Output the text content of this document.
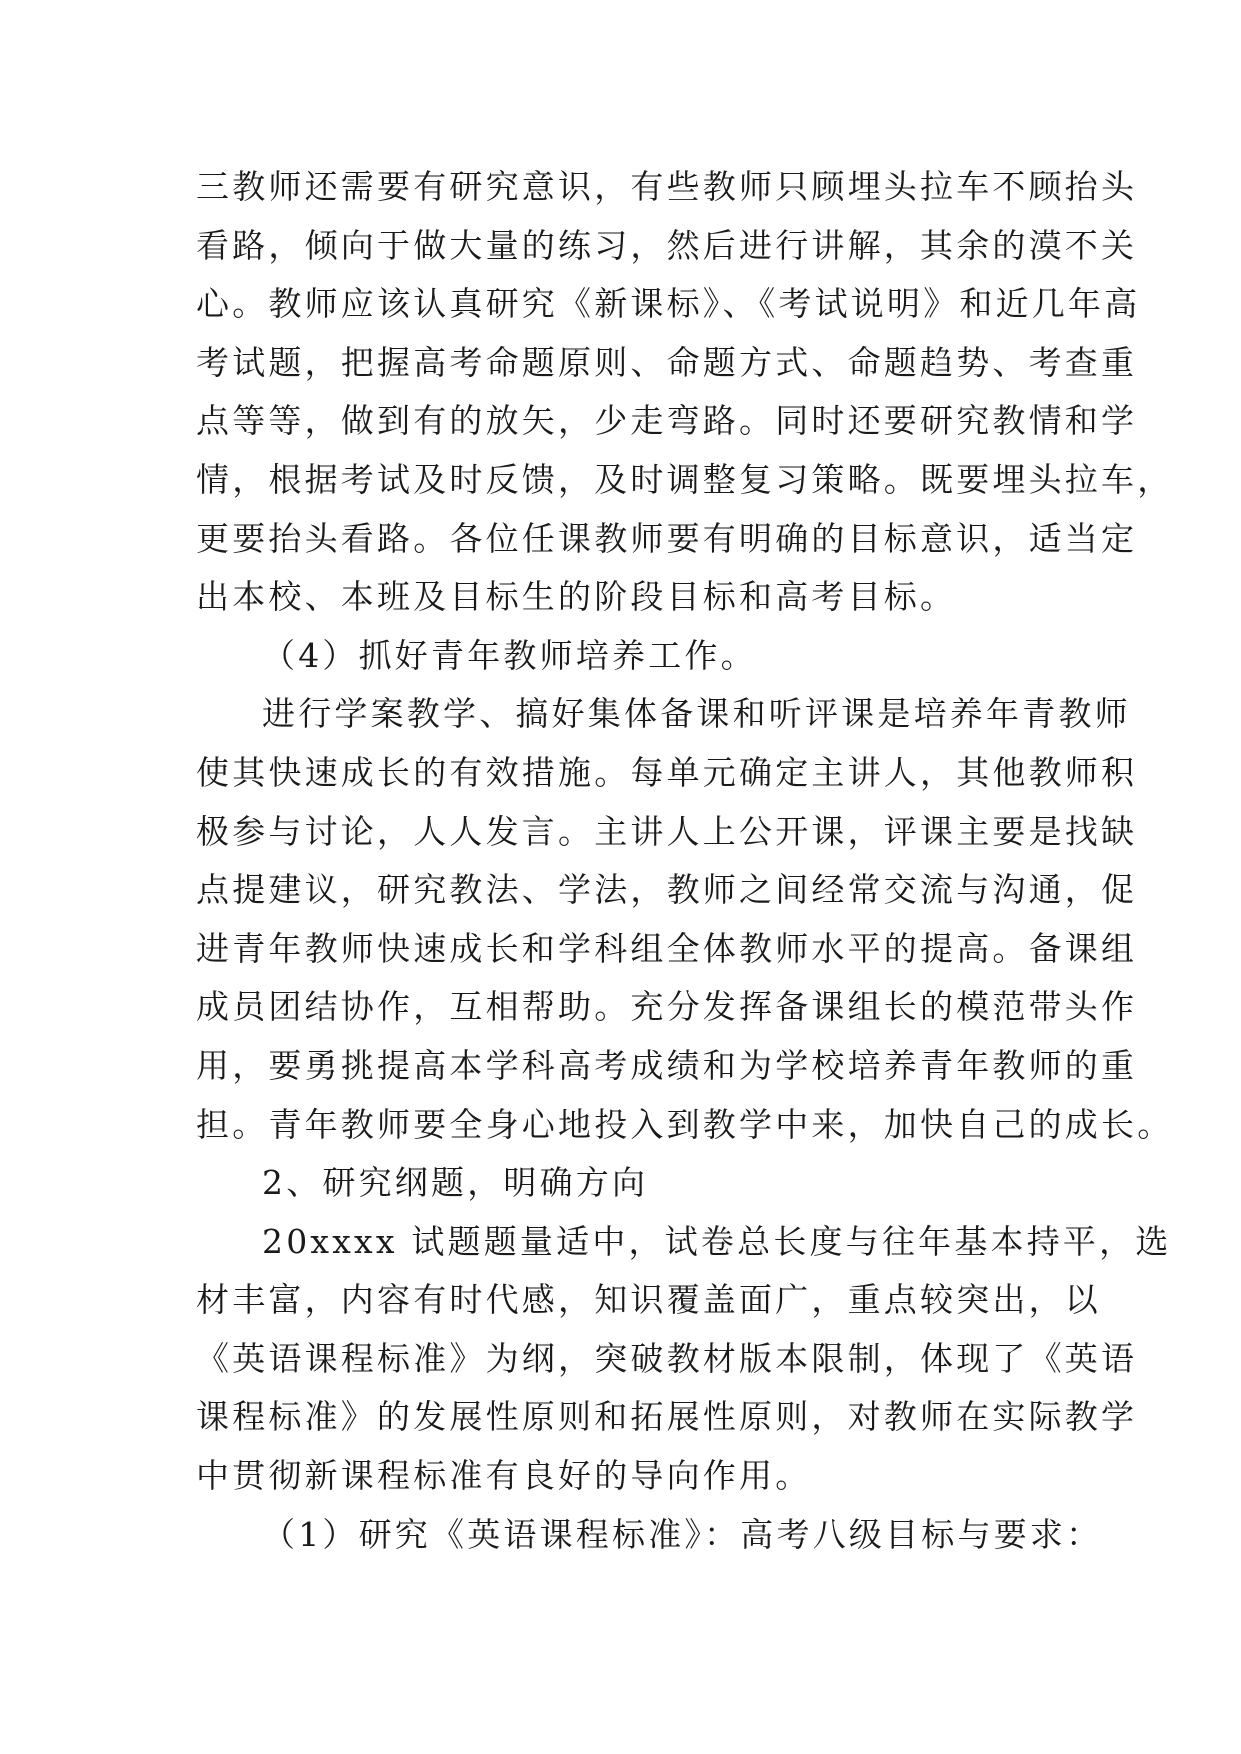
三教师还需要有研究意识，有些教师只顾埋头拉车不顾抬头
看路，倾向于做大量的练习，然后进行讲解，其余的漠不关
心。教师应该认真研究《新课标》、《考试说明》和近几年高
考试题，把握高考命题原则、命题方式、命题趋势、考查重
点等等，做到有的放矢，少走弯路。同时还要研究教情和学
情，根据考试及时反馈，及时调整复习策略。既要埋头拉车，
更要抬头看路。各位任课教师要有明确的目标意识，适当定
出本校、本班及目标生的阶段目标和高考目标。
（4）抓好青年教师培养工作。
进行学案教学、搞好集体备课和听评课是培养年青教师
使其快速成长的有效措施。每单元确定主讲人，其他教师积
极参与讨论，人人发言。主讲人上公开课，评课主要是找缺
点提建议，研究教法、学法，教师之间经常交流与沟通，促
进青年教师快速成长和学科组全体教师水平的提高。备课组
成员团结协作，互相帮助。充分发挥备课组长的模范带头作
用，要勇挑提高本学科高考成绩和为学校培养青年教师的重
担。青年教师要全身心地投入到教学中来，加快自己的成长。
2、研究纲题，明确方向
20xxxx 试题题量适中，试卷总长度与往年基本持平，选
材丰富，内容有时代感，知识覆盖面广，重点较突出，以
《英语课程标准》为纲，突破教材版本限制，体现了《英语
课程标准》的发展性原则和拓展性原则，对教师在实际教学
中贯彻新课程标准有良好的导向作用。
（1）研究《英语课程标准》：高考八级目标与要求：
